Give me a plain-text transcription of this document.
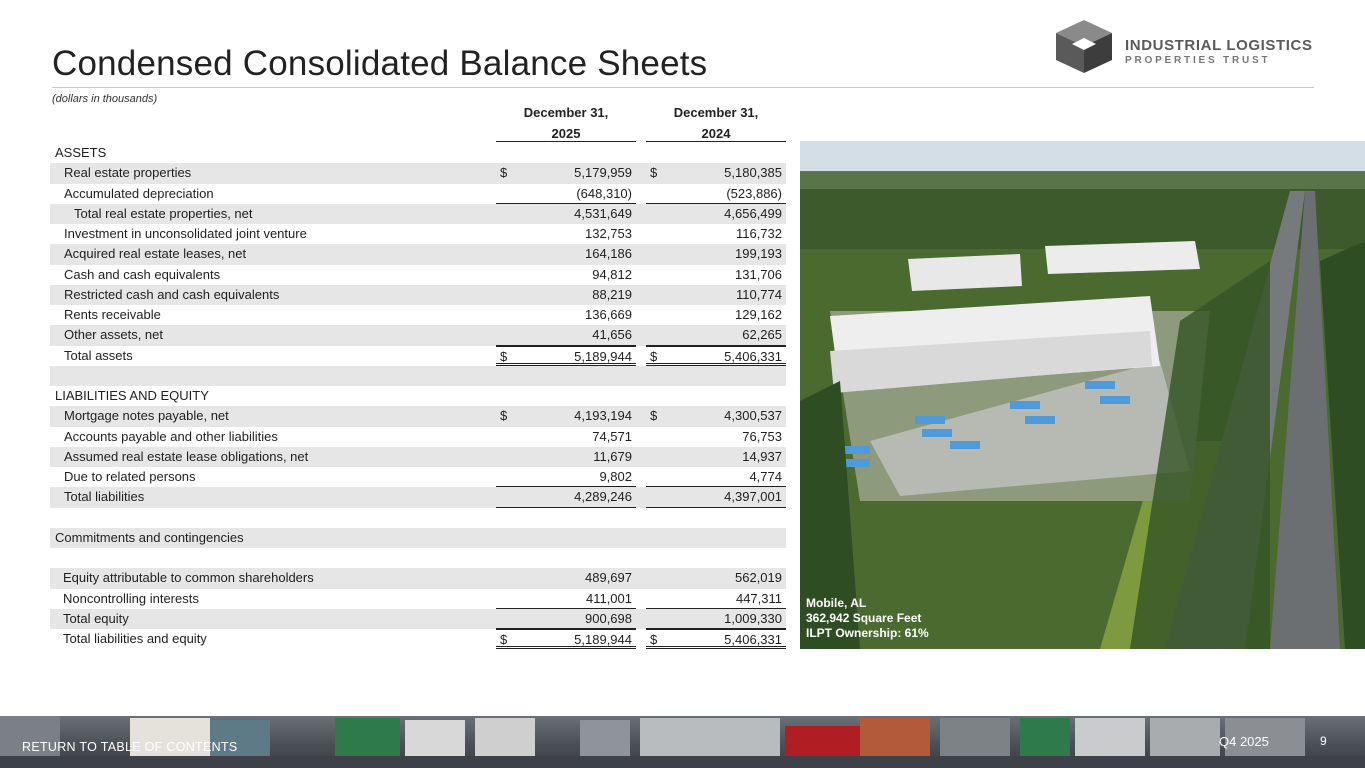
Condensed Consolidated Balance Sheets
(dollars in thousands)
INDUSTRIAL LOGISTICS
PROPERTIES TRUST
December 31,
2025
December 31,
2024
ASSETS
Real estate properties	$	5,179,959 $	5,180,385
Accumulated depreciation	(648,310)	(523,886)
Total real estate properties, net	4,531,649	4,656,499
Investment in unconsolidated joint venture	132,753	116,732
Acquired real estate leases, net	164,186	199,193
Cash and cash equivalents	94,812	131,706
Restricted cash and cash equivalents	88,219	110,774
Rents receivable	136,669	129,162
Other assets, net	41,656	62,265
Total assets	$	5,189,944 $	5,406,331
LIABILITIES AND EQUITY
Mortgage notes payable, net	$	4,193,194 $	4,300,537
Accounts payable and other liabilities	74,571	76,753
Assumed real estate lease obligations, net	11,679	14,937
Due to related persons	9,802	4,774
Total liabilities	4,289,246	4,397,001
Commitments and contingencies
Equity attributable to common shareholders	489,697	562,019
Noncontrolling interests	411,001	447,311
Total equity	900,698	1,009,330
Total liabilities and equity	$	5,189,944 $	5,406,331
Mobile, AL
362,942 Square Feet
ILPT Ownership: 61%
RETURN TO TABLE OF CONTENTS	Q4 2025	9
